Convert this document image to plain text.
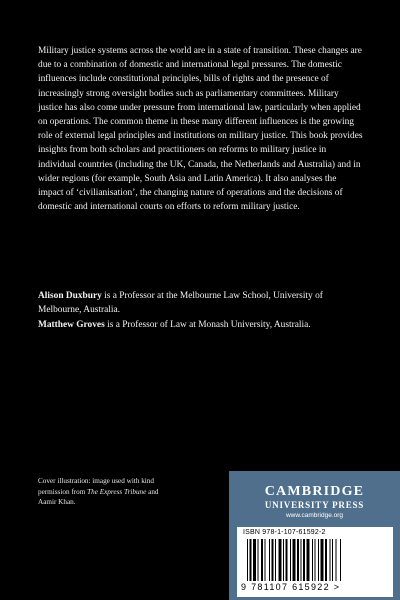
Military justice systems across the world are in a state of transition. These changes are due to a combination of domestic and international legal pressures. The domestic influences include constitutional principles, bills of rights and the presence of increasingly strong oversight bodies such as parliamentary committees. Military justice has also come under pressure from international law, particularly when applied on operations. The common theme in these many different influences is the growing role of external legal principles and institutions on military justice. This book provides insights from both scholars and practitioners on reforms to military justice in individual countries (including the UK, Canada, the Netherlands and Australia) and in wider regions (for example, South Asia and Latin America). It also analyses the impact of ‘civilianisation’, the changing nature of operations and the decisions of domestic and international courts on efforts to reform military justice.

Alison Duxbury is a Professor at the Melbourne Law School, University of Melbourne, Australia.

Matthew Groves is a Professor of Law at Monash University, Australia.

Cover illustration: image used with kind permission from The Express Tribune and Aamir Khan.

CAMBRIDGE
UNIVERSITY PRESS
www.cambridge.org
ISBN 978-1-107-61592-2
9 781107 615922 >
